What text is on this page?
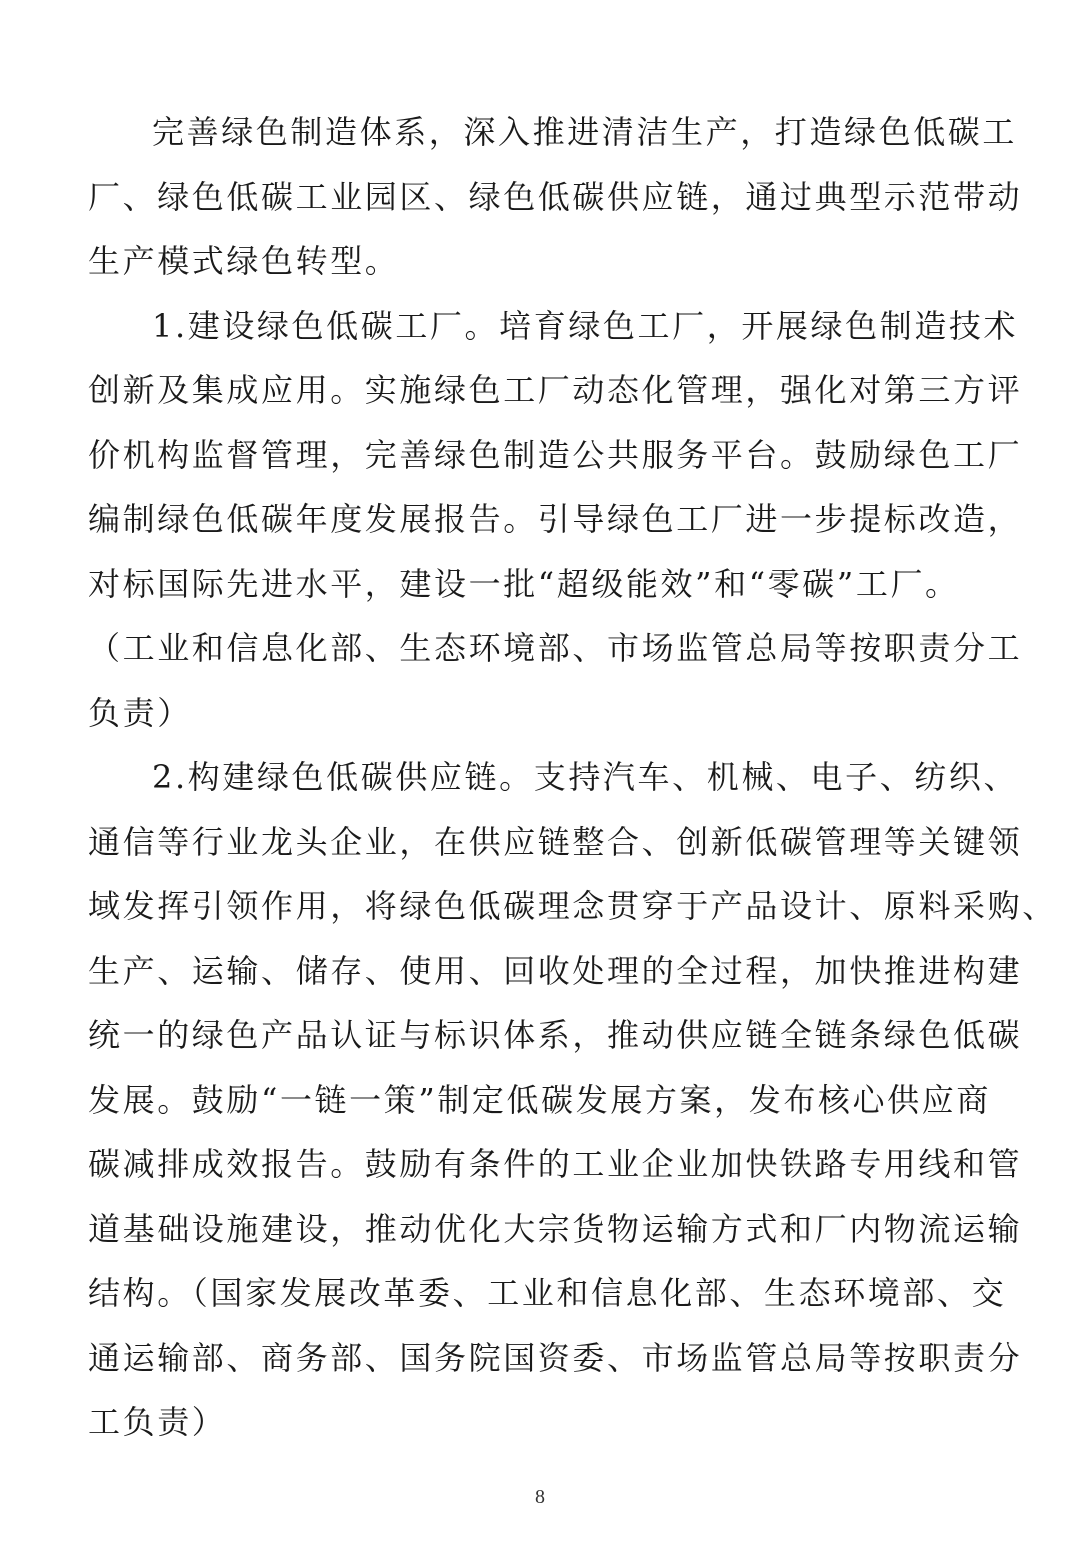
完善绿色制造体系，深入推进清洁生产，打造绿色低碳工
厂、绿色低碳工业园区、绿色低碳供应链，通过典型示范带动
生产模式绿色转型。
1.建设绿色低碳工厂。培育绿色工厂，开展绿色制造技术
创新及集成应用。实施绿色工厂动态化管理，强化对第三方评
价机构监督管理，完善绿色制造公共服务平台。鼓励绿色工厂
编制绿色低碳年度发展报告。引导绿色工厂进一步提标改造，
对标国际先进水平，建设一批“超级能效”和“零碳”工厂。
（工业和信息化部、生态环境部、市场监管总局等按职责分工
负责）
2.构建绿色低碳供应链。支持汽车、机械、电子、纺织、
通信等行业龙头企业，在供应链整合、创新低碳管理等关键领
域发挥引领作用，将绿色低碳理念贯穿于产品设计、原料采购、
生产、运输、储存、使用、回收处理的全过程，加快推进构建
统一的绿色产品认证与标识体系，推动供应链全链条绿色低碳
发展。鼓励“一链一策”制定低碳发展方案，发布核心供应商
碳减排成效报告。鼓励有条件的工业企业加快铁路专用线和管
道基础设施建设，推动优化大宗货物运输方式和厂内物流运输
结构。（国家发展改革委、工业和信息化部、生态环境部、交
通运输部、商务部、国务院国资委、市场监管总局等按职责分
工负责）
8
